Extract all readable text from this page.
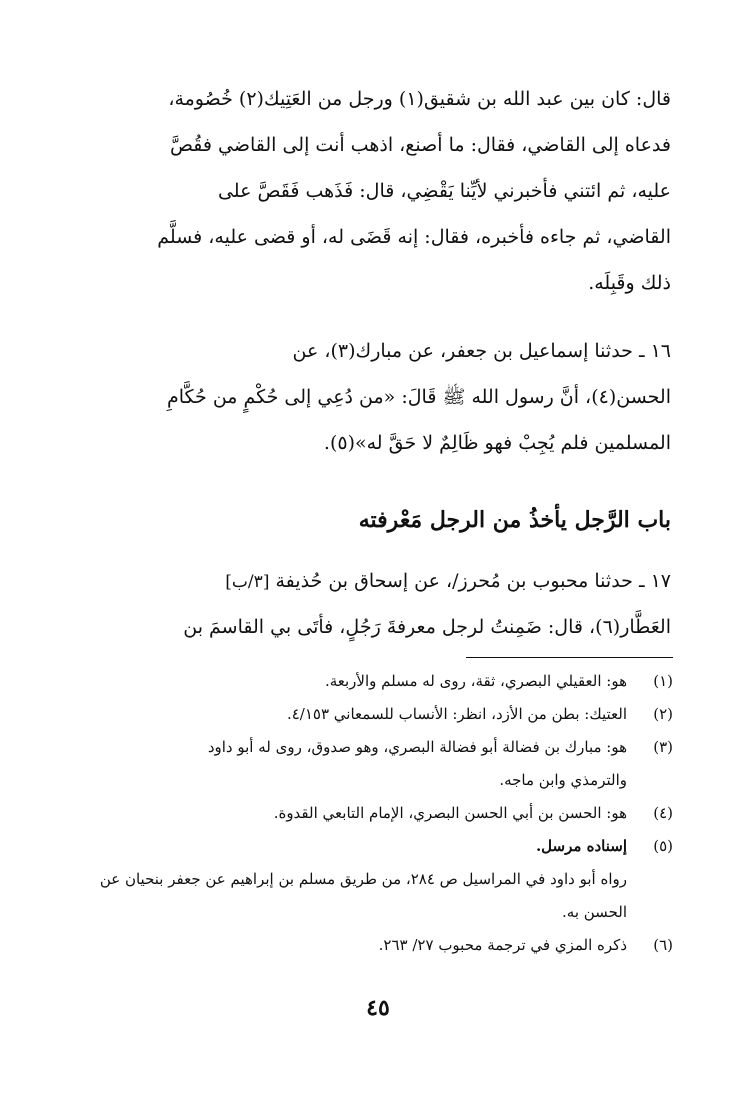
قال: كان بين عبد الله بن شقيق(١) ورجل من العَتِيك(٢) خُصُومة،
فدعاه إلى القاضي، فقال: ما أصنع، اذهب أنت إلى القاضي فقُصَّ
عليه، ثم ائتني فأخبرني لأيِّنا يَقْضِي، قال: فَذَهب فَقَصَّ على
القاضي، ثم جاءه فأخبره، فقال: إنه قَضَى له، أو قضى عليه، فسلَّم
ذلك وقَبِلَه.
١٦ ـ حدثنا إسماعيل بن جعفر، عن مبارك(٣)، عن
الحسن(٤)، أنَّ رسول الله ﷺ قَالَ: «من دُعِي إلى حُكْمٍ من حُكَّامِ
المسلمين فلم يُجِبْ فهو ظَالِمٌ لا حَقَّ له»(٥).
باب الرَّجل يأخذُ من الرجل مَعْرفته
١٧ ـ حدثنا محبوب بن مُحرز/، عن إسحاق بن حُذيفة [٣/ب]
العَطَّار(٦)، قال: ضَمِنتُ لرجل معرفةَ رَجُلٍ، فأتَى بي القاسمَ بن
(١)
هو: العقيلي البصري، ثقة، روى له مسلم والأربعة.
(٢)
العتيك: بطن من الأزد، انظر: الأنساب للسمعاني ٤/١٥٣.
(٣)
هو: مبارك بن فضالة أبو فضالة البصري، وهو صدوق، روى له أبو داود
والترمذي وابن ماجه.
(٤)
هو: الحسن بن أبي الحسن البصري، الإمام التابعي القدوة.
(٥)
إسناده مرسل.
رواه أبو داود في المراسيل ص ٢٨٤، من طريق مسلم بن إبراهيم عن جعفر بنحيان عن الحسن به.
(٦)
ذكره المزي في ترجمة محبوب ٢٧/ ٢٦٣.
٤٥
